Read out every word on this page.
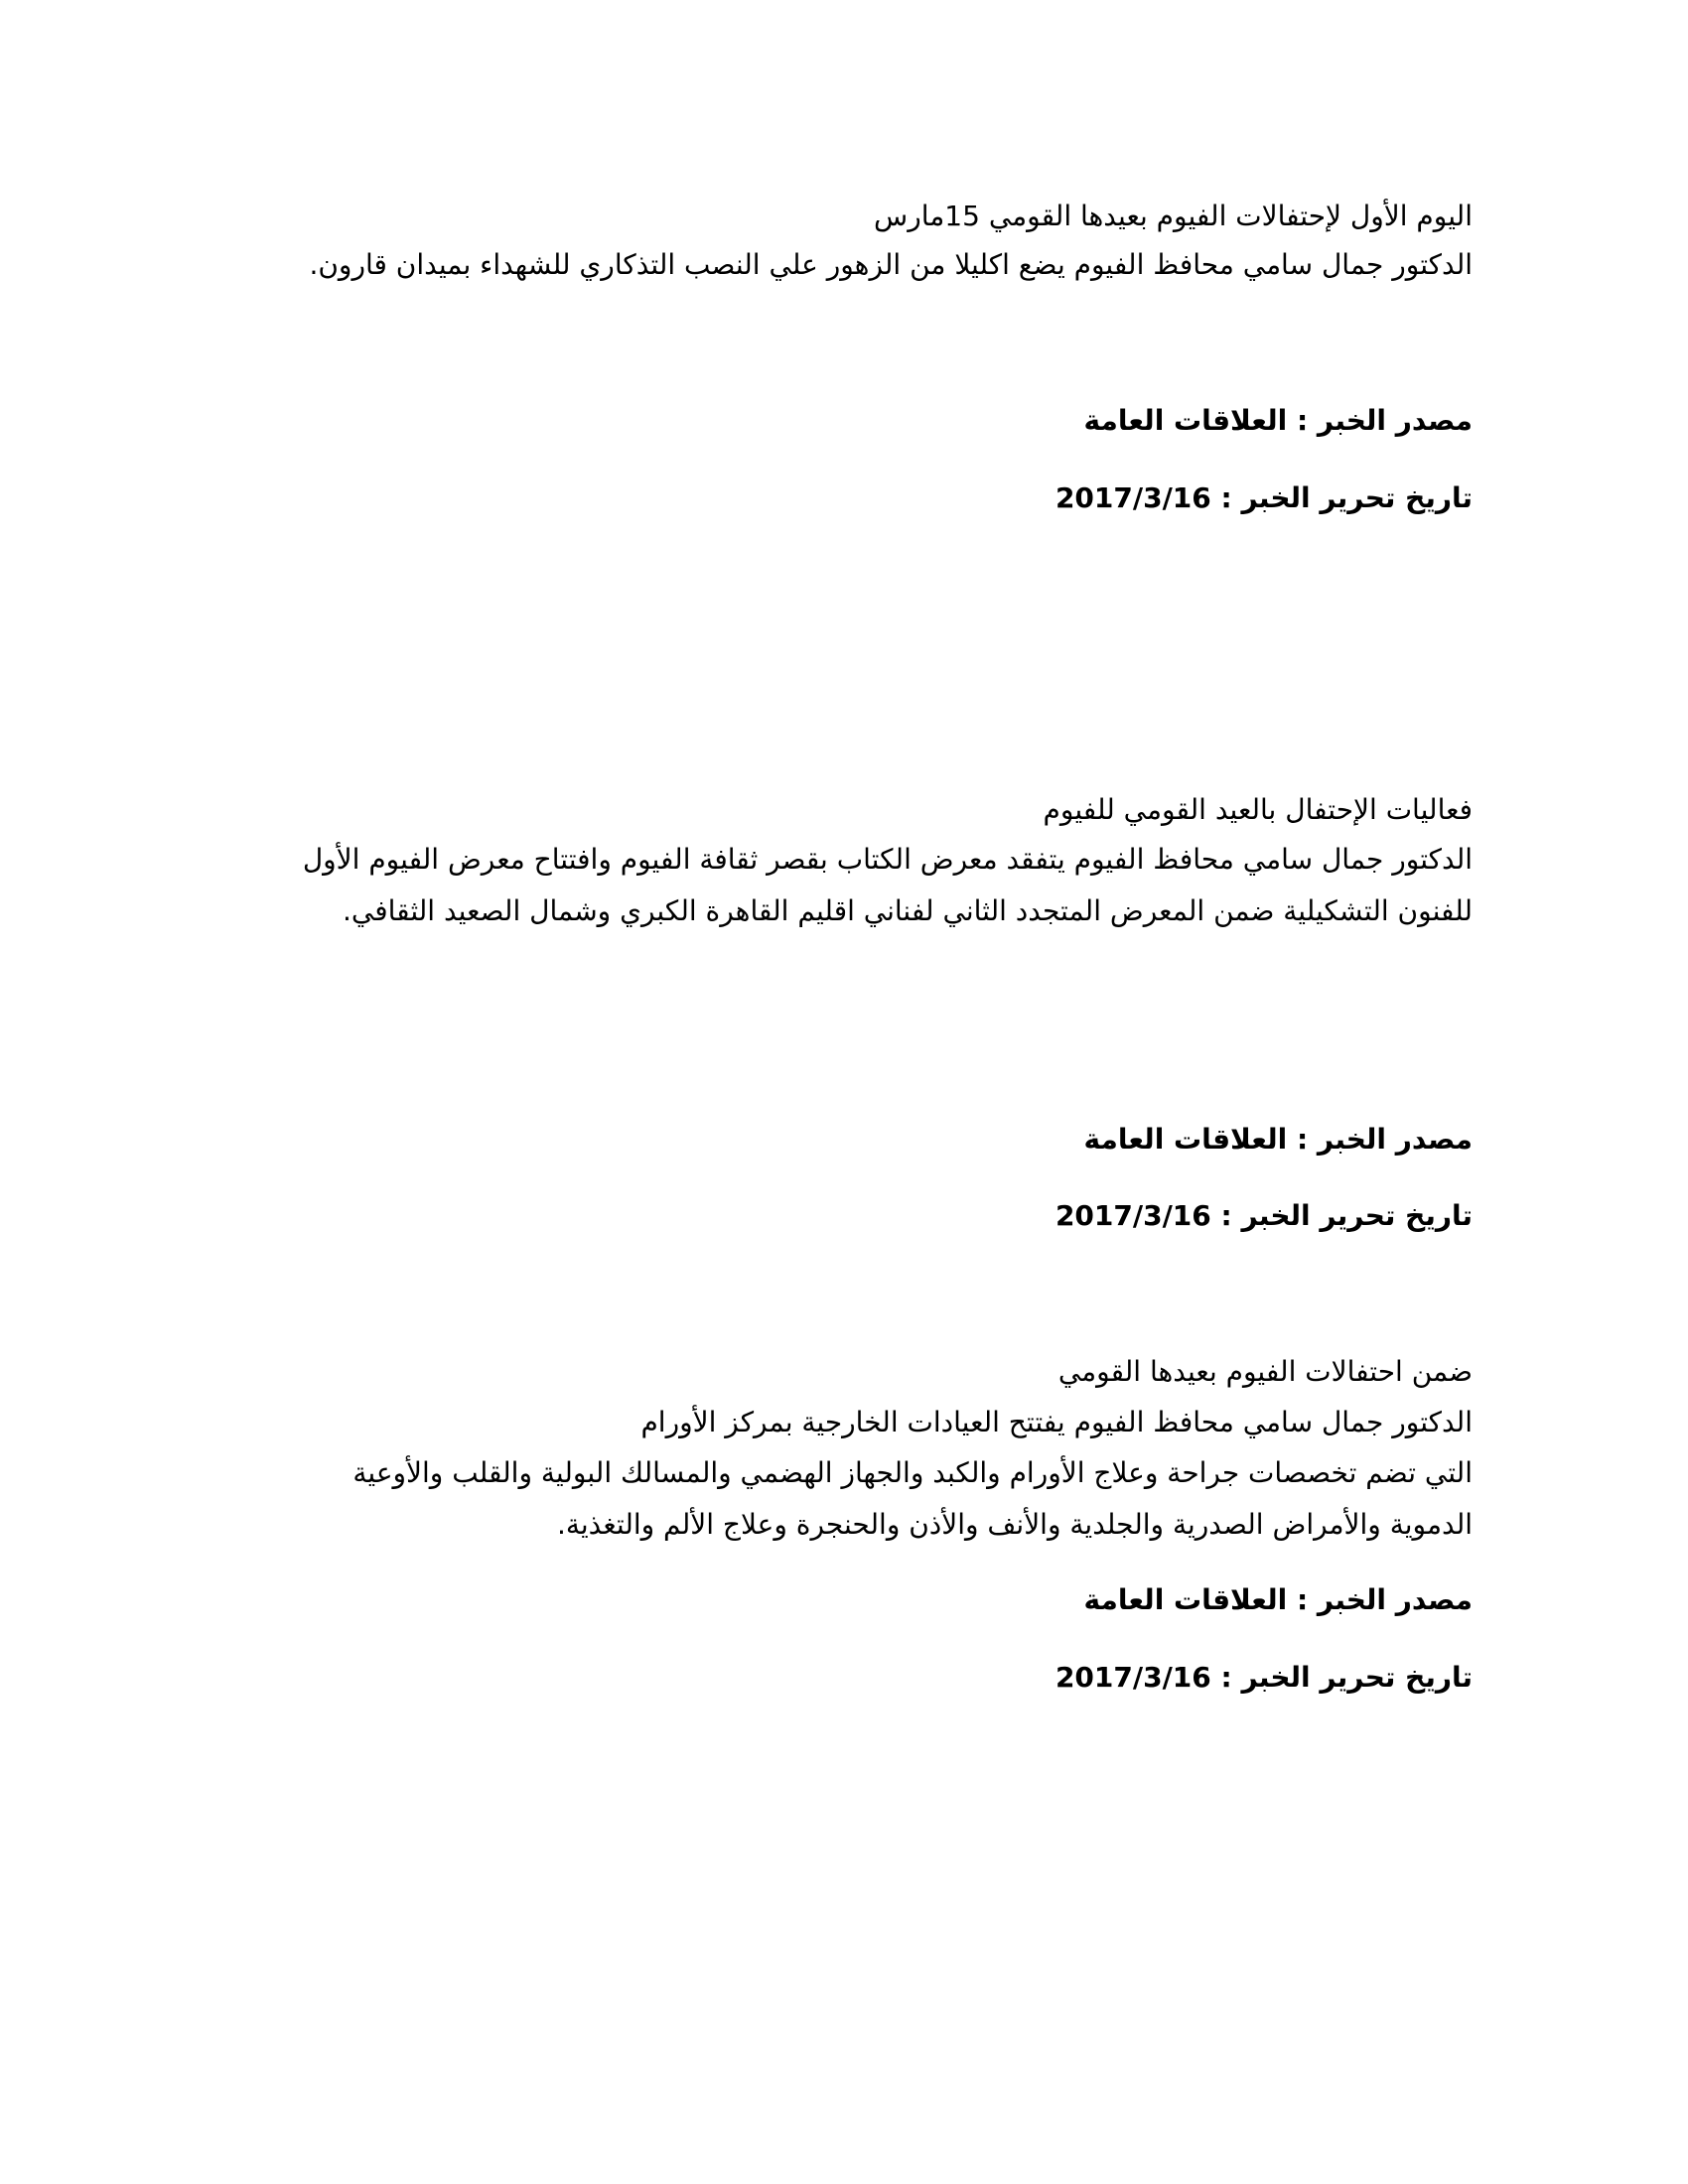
اليوم الأول لإحتفالات الفيوم بعيدها القومي 15مارس
الدكتور جمال سامي محافظ الفيوم يضع اكليلا من الزهور علي النصب التذكاري للشهداء بميدان قارون.
مصدر الخبر : العلاقات العامة
تاريخ تحرير الخبر : 2017/3/16
فعاليات الإحتفال بالعيد القومي للفيوم
الدكتور جمال سامي محافظ الفيوم يتفقد معرض الكتاب بقصر ثقافة الفيوم وافتتاح معرض الفيوم الأول
للفنون التشكيلية ضمن المعرض المتجدد الثاني لفناني اقليم القاهرة الكبري وشمال الصعيد الثقافي.
مصدر الخبر : العلاقات العامة
تاريخ تحرير الخبر : 2017/3/16
ضمن احتفالات الفيوم بعيدها القومي
الدكتور جمال سامي محافظ الفيوم يفتتح العيادات الخارجية بمركز الأورام
التي تضم تخصصات جراحة وعلاج الأورام والكبد والجهاز الهضمي والمسالك البولية والقلب والأوعية
الدموية والأمراض الصدرية والجلدية والأنف والأذن والحنجرة وعلاج الألم والتغذية.
مصدر الخبر : العلاقات العامة
تاريخ تحرير الخبر : 2017/3/16
